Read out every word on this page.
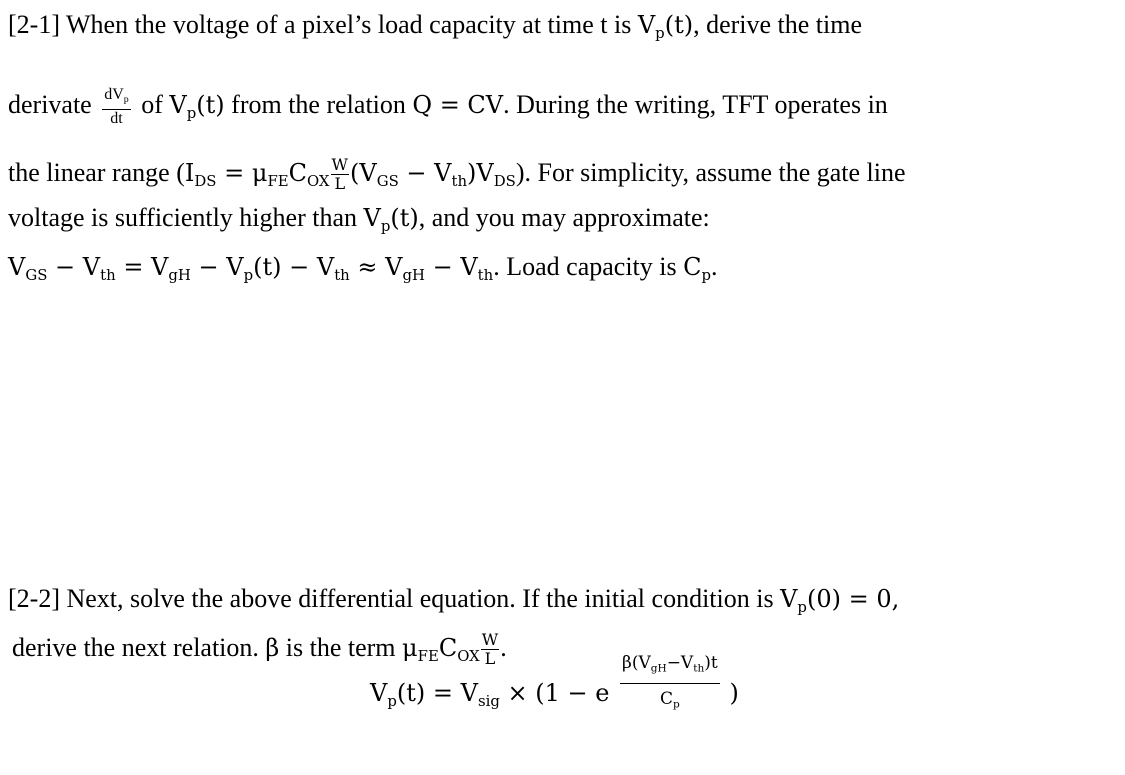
[2-1] When the voltage of a pixel’s load capacity at time t is $V_p(t)$, derive the time
derivate $\frac{dV_p}{dt}$ of $V_p(t)$ from the relation Q = CV. During the writing, TFT operates in
the linear range $(I_{DS} = \mu_{FE}C_{OX} \frac{W}{L} (V_{GS} - V_{th})V_{DS})$. For simplicity, assume the gate line
voltage is sufficiently higher than $V_p(t)$, and you may approximate:
$V_{GS} - V_{th} = V_{gH} - V_p(t) - V_{th} \approx V_{gH} - V_{th}$. Load capacity is $C_p$.
[2-2] Next, solve the above differential equation. If the initial condition is $V_p(0) = 0$,
derive the next relation. β is the term $\mu_{FE}C_{OX} \frac{W}{L}$ .
$V_p(t) = V_{sig} \times (1 - e$	)
$\beta(V_{gH}-V_{th})t$
$C_p$
